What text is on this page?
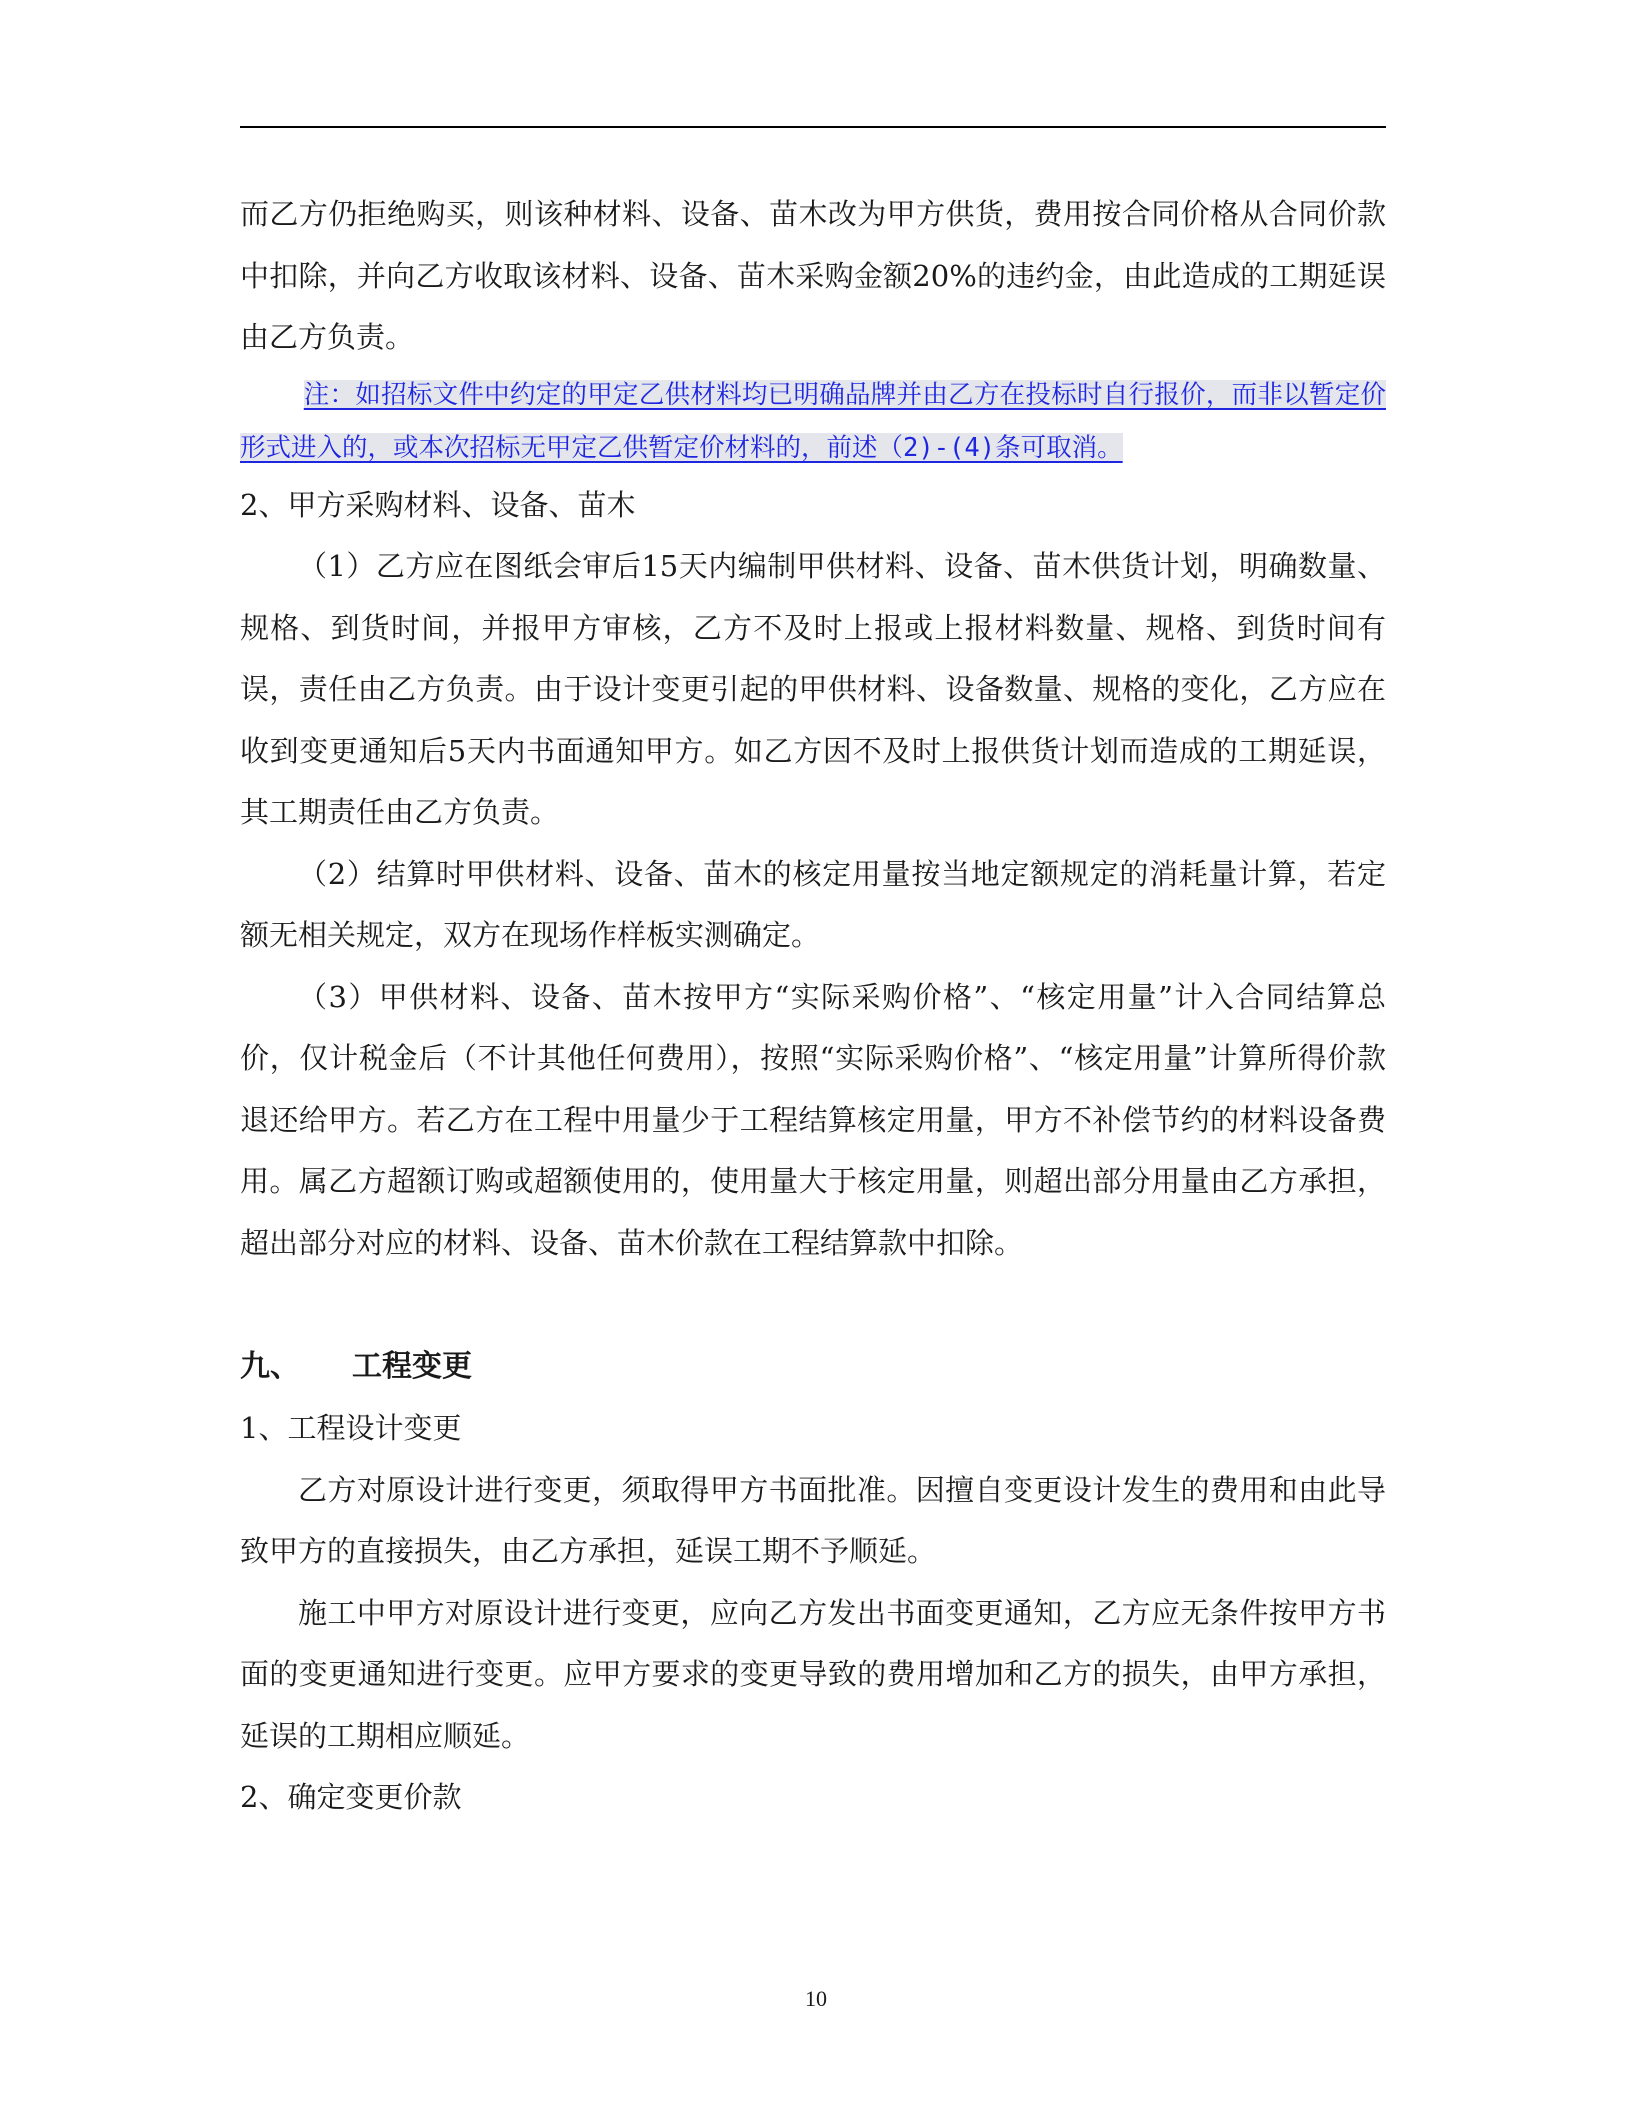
而乙方仍拒绝购买，则该种材料、设备、苗木改为甲方供货，费用按合同价格从合同价款中扣除，并向乙方收取该材料、设备、苗木采购金额20%的违约金，由此造成的工期延误由乙方负责。

注：如招标文件中约定的甲定乙供材料均已明确品牌并由乙方在投标时自行报价，而非以暂定价形式进入的，或本次招标无甲定乙供暂定价材料的，前述（2)-(4)条可取消。

2、甲方采购材料、设备、苗木

（1）乙方应在图纸会审后15天内编制甲供材料、设备、苗木供货计划，明确数量、规格、到货时间，并报甲方审核，乙方不及时上报或上报材料数量、规格、到货时间有误，责任由乙方负责。由于设计变更引起的甲供材料、设备数量、规格的变化，乙方应在收到变更通知后5天内书面通知甲方。如乙方因不及时上报供货计划而造成的工期延误，其工期责任由乙方负责。

（2）结算时甲供材料、设备、苗木的核定用量按当地定额规定的消耗量计算，若定额无相关规定，双方在现场作样板实测确定。

（3）甲供材料、设备、苗木按甲方“实际采购价格”、“核定用量”计入合同结算总价，仅计税金后（不计其他任何费用），按照“实际采购价格”、“核定用量”计算所得价款退还给甲方。若乙方在工程中用量少于工程结算核定用量，甲方不补偿节约的材料设备费用。属乙方超额订购或超额使用的，使用量大于核定用量，则超出部分用量由乙方承担，超出部分对应的材料、设备、苗木价款在工程结算款中扣除。

九、 工程变更

1、工程设计变更

乙方对原设计进行变更，须取得甲方书面批准。因擅自变更设计发生的费用和由此导致甲方的直接损失，由乙方承担，延误工期不予顺延。

施工中甲方对原设计进行变更，应向乙方发出书面变更通知，乙方应无条件按甲方书面的变更通知进行变更。应甲方要求的变更导致的费用增加和乙方的损失，由甲方承担，延误的工期相应顺延。

2、确定变更价款

10
